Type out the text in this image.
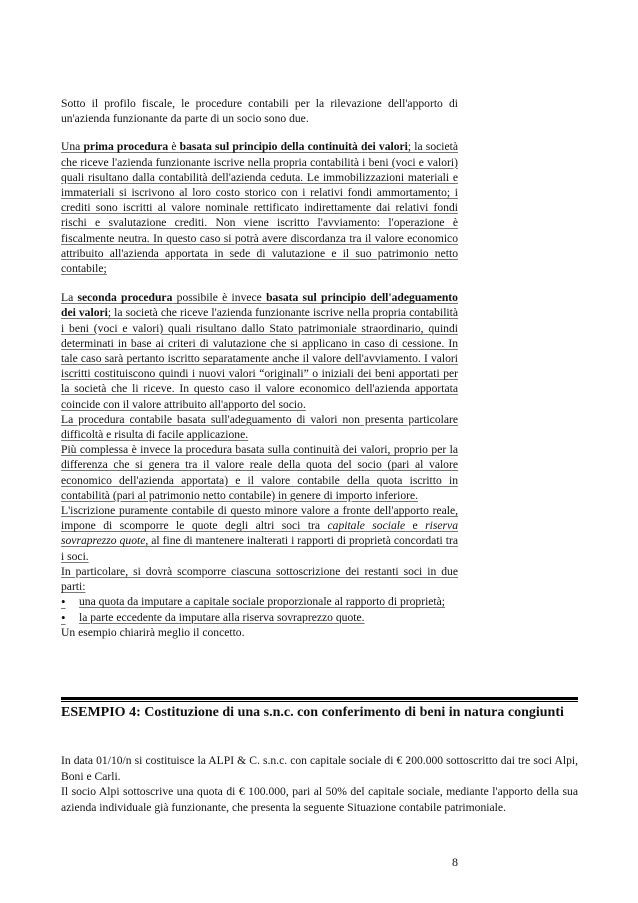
Sotto il profilo fiscale, le procedure contabili per la rilevazione dell'apporto di un'azienda funzionante da parte di un socio sono due.

Una prima procedura è basata sul principio della continuità dei valori; la società che riceve l'azienda funzionante iscrive nella propria contabilità i beni (voci e valori) quali risultano dalla contabilità dell'azienda ceduta. Le immobilizzazioni materiali e immateriali si iscrivono al loro costo storico con i relativi fondi ammortamento; i crediti sono iscritti al valore nominale rettificato indirettamente dai relativi fondi rischi e svalutazione crediti. Non viene iscritto l'avviamento: l'operazione è fiscalmente neutra. In questo caso si potrà avere discordanza tra il valore economico attribuito all'azienda apportata in sede di valutazione e il suo patrimonio netto contabile;

La seconda procedura possibile è invece basata sul principio dell'adeguamento dei valori; la società che riceve l'azienda funzionante iscrive nella propria contabilità i beni (voci e valori) quali risultano dallo Stato patrimoniale straordinario, quindi determinati in base ai criteri di valutazione che si applicano in caso di cessione. In tale caso sarà pertanto iscritto separatamente anche il valore dell'avviamento. I valori iscritti costituiscono quindi i nuovi valori “originali” o iniziali dei beni apportati per la società che li riceve. In questo caso il valore economico dell'azienda apportata coincide con il valore attribuito all'apporto del socio.

La procedura contabile basata sull'adeguamento di valori non presenta particolare difficoltà e risulta di facile applicazione.

Più complessa è invece la procedura basata sulla continuità dei valori, proprio per la differenza che si genera tra il valore reale della quota del socio (pari al valore economico dell'azienda apportata) e il valore contabile della quota iscritto in contabilità (pari al patrimonio netto contabile) in genere di importo inferiore.

L'iscrizione puramente contabile di questo minore valore a fronte dell'apporto reale, impone di scomporre le quote degli altri soci tra capitale sociale e riserva sovraprezzo quote, al fine di mantenere inalterati i rapporti di proprietà concordati tra i soci.

In particolare, si dovrà scomporre ciascuna sottoscrizione dei restanti soci in due parti:

•	una quota da imputare a capitale sociale proporzionale al rapporto di proprietà;
•	la parte eccedente da imputare alla riserva sovraprezzo quote.

Un esempio chiarirà meglio il concetto.

ESEMPIO 4: Costituzione di una s.n.c. con conferimento di beni in natura congiunti

In data 01/10/n si costituisce la ALPI & C. s.n.c. con capitale sociale di € 200.000 sottoscritto dai tre soci Alpi, Boni e Carli.

Il socio Alpi sottoscrive una quota di € 100.000, pari al 50% del capitale sociale, mediante l'apporto della sua azienda individuale già funzionante, che presenta la seguente Situazione contabile patrimoniale.

8
